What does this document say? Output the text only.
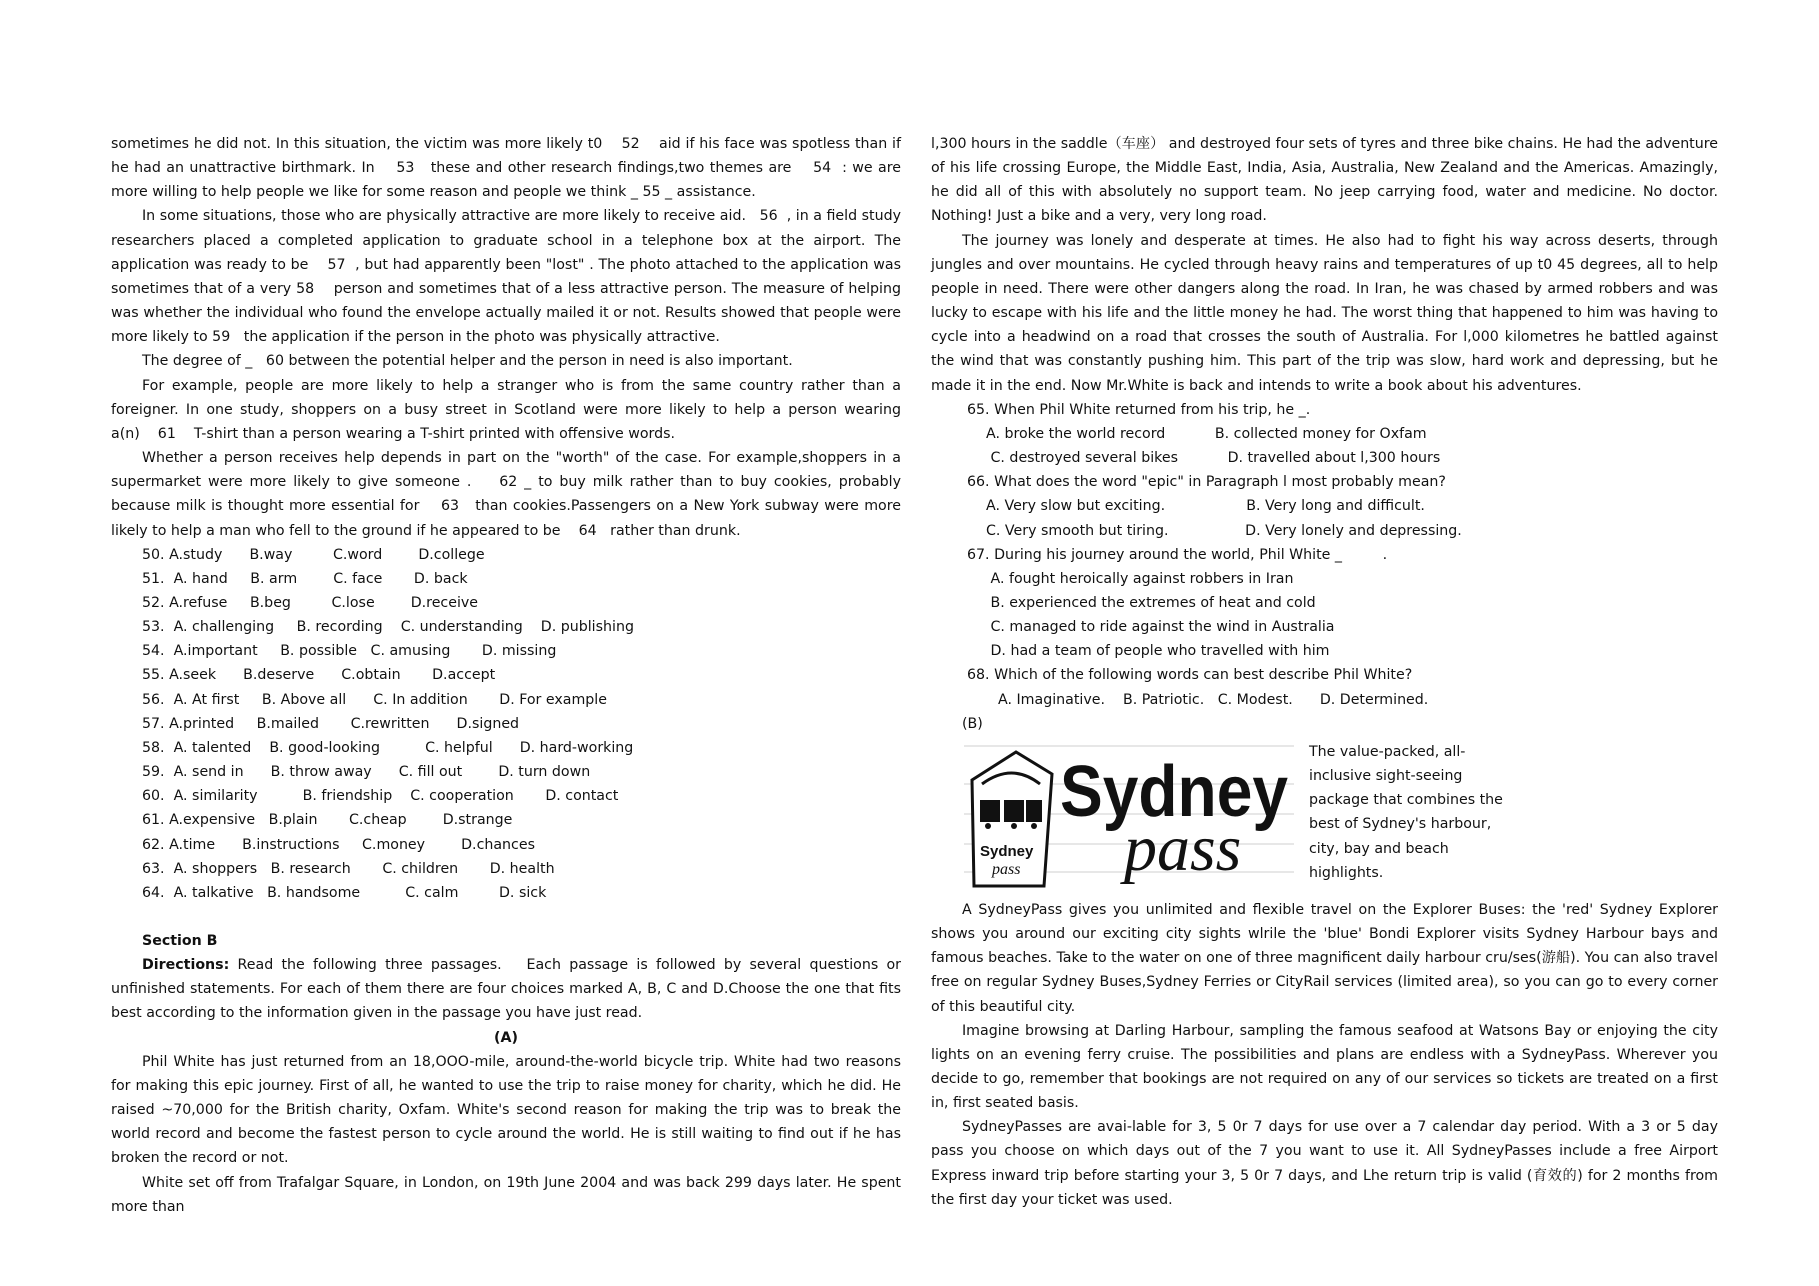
sometimes he did not. In this situation, the victim was more likely t0    52    aid if his face was spotless than if he had an unattractive birthmark. In    53   these and other research findings,two themes are    54  : we are more willing to help people we like for some reason and people we think _ 55 _ assistance.

In some situations, those who are physically attractive are more likely to receive aid.   56  , in a field study researchers placed a completed application to graduate school in a telephone box at the airport. The application was ready to be    57  , but had apparently been "lost" . The photo attached to the application was sometimes that of a very 58    person and sometimes that of a less attractive person. The measure of helping was whether the individual who found the envelope actually mailed it or not. Results showed that people were more likely to 59   the application if the person in the photo was physically attractive.

The degree of _   60 between the potential helper and the person in need is also important.

For example, people are more likely to help a stranger who is from the same country rather than a foreigner. In one study, shoppers on a busy street in Scotland were more likely to help a person wearing a(n)    61    T-shirt than a person wearing a T-shirt printed with offensive words.

Whether a person receives help depends in part on the "worth" of the case. For example,shoppers in a supermarket were more likely to give someone .    62 _ to buy milk rather than to buy cookies, probably because milk is thought more essential for    63   than cookies.Passengers on a New York subway were more likely to help a man who fell to the ground if he appeared to be    64   rather than drunk.

50. A.study      B.way         C.word        D.college

51.  A. hand     B. arm        C. face       D. back

52. A.refuse     B.beg         C.lose        D.receive

53.  A. challenging     B. recording    C. understanding    D. publishing

54.  A.important     B. possible   C. amusing       D. missing

55. A.seek      B.deserve      C.obtain       D.accept

56.  A. At first     B. Above all      C. In addition       D. For example

57. A.printed     B.mailed       C.rewritten      D.signed

58.  A. talented    B. good-looking          C. helpful      D. hard-working

59.  A. send in      B. throw away      C. fill out        D. turn down

60.  A. similarity          B. friendship    C. cooperation       D. contact

61. A.expensive   B.plain       C.cheap        D.strange

62. A.time      B.instructions     C.money        D.chances

63.  A. shoppers   B. research       C. children       D. health

64.  A. talkative   B. handsome          C. calm         D. sick

Section B

Directions: Read the following three passages.   Each passage is followed by several questions or unfinished statements. For each of them there are four choices marked A, B, C and D.Choose the one that fits best according to the information given in the passage you have just read.

(A)

Phil White has just returned from an 18,OOO-mile, around-the-world bicycle trip. White had two reasons for making this epic journey. First of all, he wanted to use the trip to raise money for charity, which he did. He raised ~70,000 for the British charity, Oxfam. White's second reason for making the trip was to break the world record and become the fastest person to cycle around the world. He is still waiting to find out if he has broken the record or not.

White set off from Trafalgar Square, in London, on 19th June 2004 and was back 299 days later. He spent more than

l,300 hours in the saddle（车座） and destroyed four sets of tyres and three bike chains. He had the adventure of his life crossing Europe, the Middle East, India, Asia, Australia, New Zealand and the Americas. Amazingly, he did all of this with absolutely no support team. No jeep carrying food, water and medicine. No doctor. Nothing! Just a bike and a very, very long road.

The journey was lonely and desperate at times. He also had to fight his way across deserts, through jungles and over mountains. He cycled through heavy rains and temperatures of up t0 45 degrees, all to help people in need. There were other dangers along the road. In Iran, he was chased by armed robbers and was lucky to escape with his life and the little money he had. The worst thing that happened to him was having to cycle into a headwind on a road that crosses the south of Australia. For l,000 kilometres he battled against the wind that was constantly pushing him. This part of the trip was slow, hard work and depressing, but he made it in the end. Now Mr.White is back and intends to write a book about his adventures.

65. When Phil White returned from his trip, he _.

A. broke the world record           B. collected money for Oxfam

C. destroyed several bikes           D. travelled about l,300 hours

66. What does the word "epic" in Paragraph l most probably mean?

A. Very slow but exciting.                  B. Very long and difficult.

C. Very smooth but tiring.                 D. Very lonely and depressing.

67. During his journey around the world, Phil White _         .

A. fought heroically against robbers in Iran

B. experienced the extremes of heat and cold

C. managed to ride against the wind in Australia

D. had a team of people who travelled with him

68. Which of the following words can best describe Phil White?

A. Imaginative.    B. Patriotic.   C. Modest.      D. Determined.

(B)

Sydney
pass
Sydney
pass

The value-packed, all-inclusive sight-seeing package that combines the best of Sydney's harbour, city, bay and beach highlights.

A SydneyPass gives you unlimited and flexible travel on the Explorer Buses: the 'red' Sydney Explorer shows you around our exciting city sights wlrile the 'blue' Bondi Explorer visits Sydney Harbour bays and famous beaches. Take to the water on one of three magnificent daily harbour cru/ses(游船). You can also travel free on regular Sydney Buses,Sydney Ferries or CityRail services (limited area), so you can go to every corner of this beautiful city.

Imagine browsing at Darling Harbour, sampling the famous seafood at Watsons Bay or enjoying the city lights on an evening ferry cruise. The possibilities and plans are endless with a SydneyPass. Wherever you decide to go, remember that bookings are not required on any of our services so tickets are treated on a first in, first seated basis.

SydneyPasses are avai-lable for 3, 5 0r 7 days for use over a 7 calendar day period. With a 3 or 5 day pass you choose on which days out of the 7 you want to use it. All SydneyPasses include a free Airport Express inward trip before starting your 3, 5 0r 7 days, and Lhe return trip is valid (育效的) for 2 months from the first day your ticket was used.
